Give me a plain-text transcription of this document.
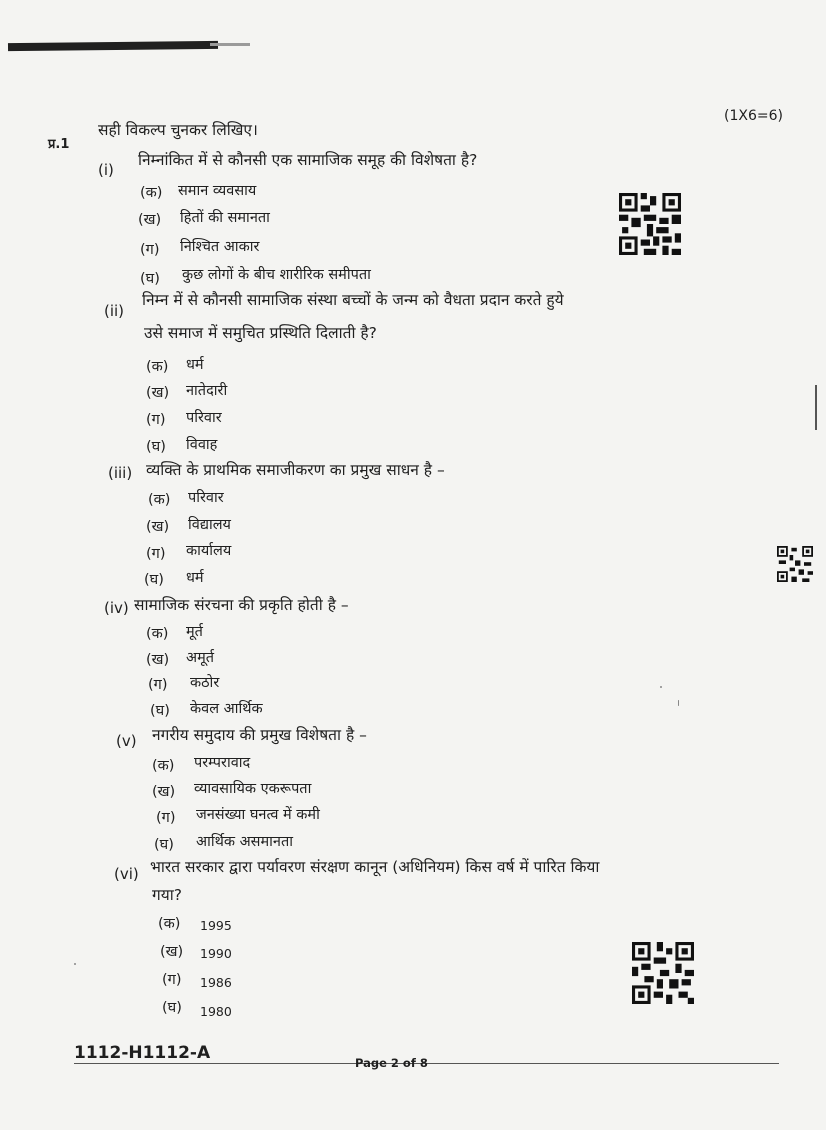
(1X6=6)
प्र.1
सही विकल्प चुनकर लिखिए।
(i)
निम्नांकित में से कौनसी एक सामाजिक समूह की विशेषता है?
(क) समान व्यवसाय
(ख) हितों की समानता
(ग) निश्चित आकार
(घ) कुछ लोगों के बीच शारीरिक समीपता
(ii)
निम्न में से कौनसी सामाजिक संस्था बच्चों के जन्म को वैधता प्रदान करते हुये
उसे समाज में समुचित प्रस्थिति दिलाती है?
(क) धर्म
(ख) नातेदारी
(ग) परिवार
(घ) विवाह
(iii) व्यक्ति के प्राथमिक समाजीकरण का प्रमुख साधन है –
(क) परिवार
(ख) विद्यालय
(ग) कार्यालय
(घ) धर्म
(iv) सामाजिक संरचना की प्रकृति होती है –
(क) मूर्त
(ख) अमूर्त
(ग) कठोर
(घ) केवल आर्थिक
(v) नगरीय समुदाय की प्रमुख विशेषता है –
(क) परम्परावाद
(ख) व्यावसायिक एकरूपता
(ग) जनसंख्या घनत्व में कमी
(घ) आर्थिक असमानता
(vi) भारत सरकार द्वारा पर्यावरण संरक्षण कानून (अधिनियम) किस वर्ष में पारित किया
गया?
(क) 1995
(ख) 1990
(ग) 1986
(घ) 1980
1112-H1112-A	Page 2 of 8
